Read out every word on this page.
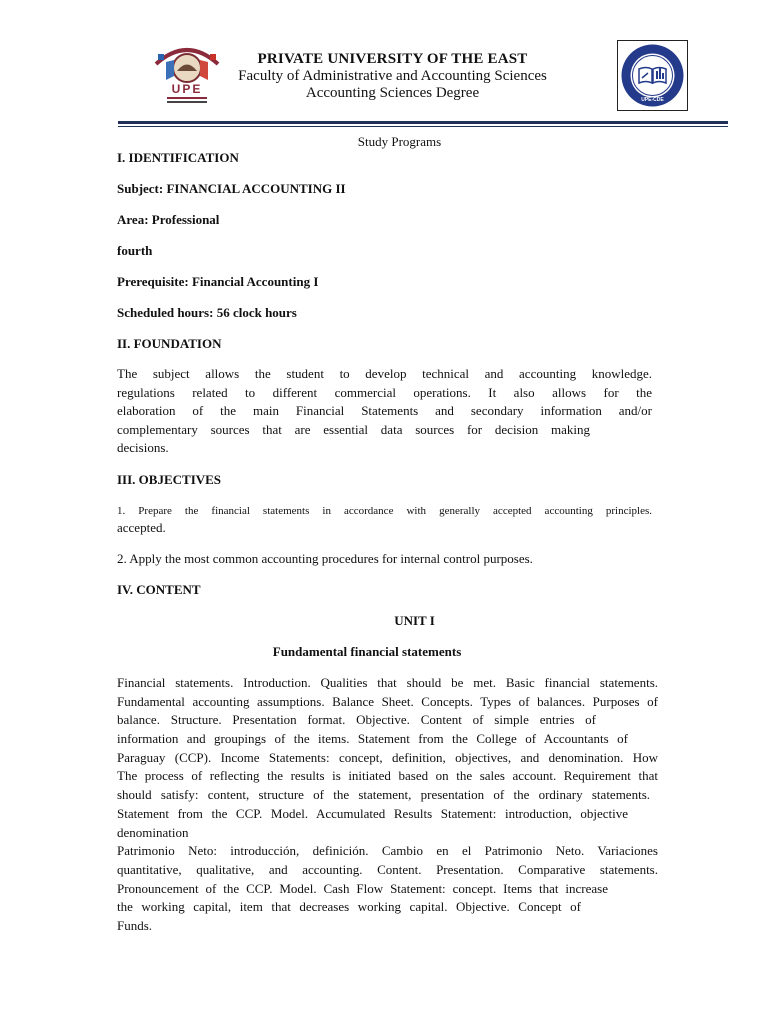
UPE
PRIVATE UNIVERSITY OF THE EAST
Faculty of Administrative and Accounting Sciences
Accounting Sciences Degree	UPE-CDE

Study Programs

I. IDENTIFICATION

Subject: FINANCIAL ACCOUNTING II

Area: Professional

fourth

Prerequisite: Financial Accounting I

Scheduled hours: 56 clock hours

II. FOUNDATION

The subject allows the student to develop technical and accounting knowledge.

regulations related to different commercial operations. It also allows for the

elaboration of the main Financial Statements and secondary information and/or

complementary sources that are essential data sources for decision making

decisions.

III. OBJECTIVES

1. Prepare the financial statements in accordance with generally accepted accounting principles.

accepted.

2. Apply the most common accounting procedures for internal control purposes.

IV. CONTENT

UNIT I

Fundamental financial statements

Financial statements. Introduction. Qualities that should be met. Basic financial statements.

Fundamental accounting assumptions. Balance Sheet. Concepts. Types of balances. Purposes of

balance. Structure. Presentation format. Objective. Content of simple entries of

information and groupings of the items. Statement from the College of Accountants of

Paraguay (CCP). Income Statements: concept, definition, objectives, and denomination. How

The process of reflecting the results is initiated based on the sales account. Requirement that

should satisfy: content, structure of the statement, presentation of the ordinary statements.

Statement from the CCP. Model. Accumulated Results Statement: introduction, objective

denomination

Patrimonio Neto: introducción, definición. Cambio en el Patrimonio Neto. Variaciones

quantitative, qualitative, and accounting. Content. Presentation. Comparative statements.

Pronouncement of the CCP. Model. Cash Flow Statement: concept. Items that increase

the working capital, item that decreases working capital. Objective. Concept of

Funds.
